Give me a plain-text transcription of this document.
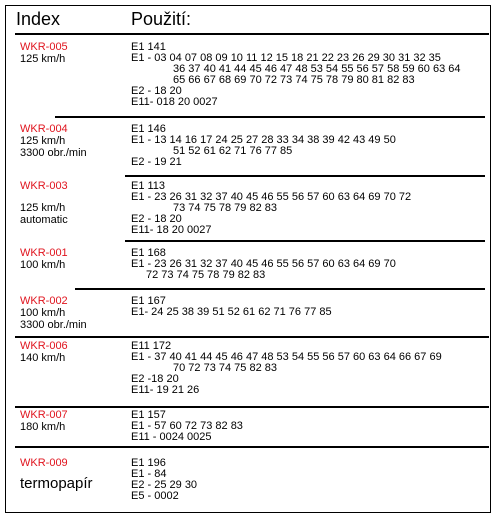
Index	Použití:
WKR-005
125 km/h
E1 141
E1 - 03 04 07 08 09 10 11 12 15 18 21 22 23 26 29 30 31 32 35
36 37 40 41 44 45 46 47 48 53 54 55 56 57 58 59 60 63 64
65 66 67 68 69 70 72 73 74 75 78 79 80 81 82 83
E2 - 18 20
E11- 018 20 0027
WKR-004
125 km/h
3300 obr./min
E1 146
E1 - 13 14 16 17 24 25 27 28 33 34 38 39 42 43 49 50
51 52 61 62 71 76 77 85
E2 - 19 21
WKR-003
125 km/h
automatic
E1 113
E1 - 23 26 31 32 37 40 45 46 55 56 57 60 63 64 69 70 72
73 74 75 78 79 82 83
E2 - 18 20
E11- 18 20 0027
WKR-001
100 km/h
E1 168
E1 - 23 26 31 32 37 40 45 46 55 56 57 60 63 64 69 70
72 73 74 75 78 79 82 83
WKR-002
100 km/h
3300 obr./min
E1 167
E1- 24 25 38 39 51 52 61 62 71 76 77 85
WKR-006
140 km/h
E11 172
E1 - 37 40 41 44 45 46 47 48 53 54 55 56 57 60 63 64 66 67 69
70 72 73 74 75 82 83
E2 -18 20
E11- 19 21 26
WKR-007
180 km/h
E1 157
E1 - 57 60 72 73 82 83
E11 - 0024 0025
WKR-009
termopapír
E1 196
E1 - 84
E2 - 25 29 30
E5 - 0002
